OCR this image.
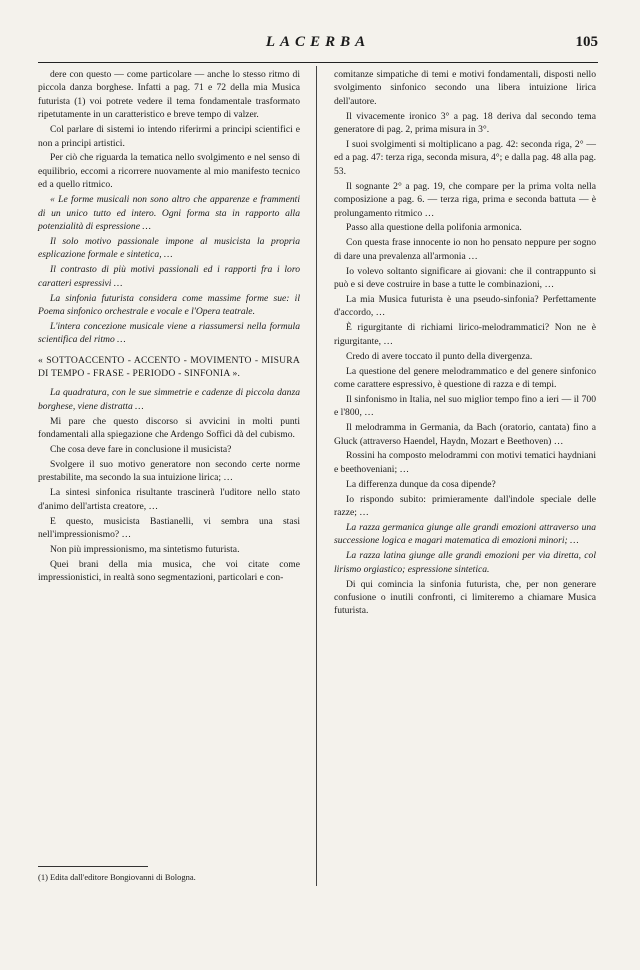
LACERBA	105

dere con questo — come particolare — anche lo stesso ritmo di piccola danza borghese. Infatti a pag. 71 e 72 della mia Musica futurista (1) voi potrete vedere il tema fondamentale trasformato ripetutamente in un caratteristico e breve tempo di valzer.

Col parlare di sistemi io intendo riferirmi a principi scientifici e non a principi artistici.

Per ciò che riguarda la tematica nello svolgimento e nel senso di equilibrio, eccomi a ricorrere nuovamente al mio manifesto tecnico ed a quello ritmico.

« Le forme musicali non sono altro che apparenze e frammenti di un unico tutto ed intero. Ogni forma sta in rapporto alla potenzialità di espressione …

Il solo motivo passionale impone al musicista la propria esplicazione formale e sintetica, …

Il contrasto di più motivi passionali ed i rapporti fra i loro caratteri espressivi …

La sinfonia futurista considera come massime forme sue: il Poema sinfonico orchestrale e vocale e l'Opera teatrale.

L'intera concezione musicale viene a riassumersi nella formula scientifica del ritmo …

« SOTTOACCENTO - ACCENTO - MOVIMENTO - MISURA DI TEMPO - FRASE - PERIODO - SINFONIA ».

La quadratura, con le sue simmetrie e cadenze di piccola danza borghese, viene distratta …

Mi pare che questo discorso si avvicini in molti punti fondamentali alla spiegazione che Ardengo Soffici dà del cubismo.

Che cosa deve fare in conclusione il musicista?

Svolgere il suo motivo generatore non secondo certe norme prestabilite, ma secondo la sua intuizione lirica; …

La sintesi sinfonica risultante trascinerà l'uditore nello stato d'animo dell'artista creatore, …

E questo, musicista Bastianelli, vi sembra una stasi nell'impressionismo? …

Non più impressionismo, ma sintetismo futurista.

Quei brani della mia musica, che voi citate come impressionistici, in realtà sono segmentazioni, particolari e con-

comitanze simpatiche di temi e motivi fondamentali, disposti nello svolgimento sinfonico secondo una libera intuizione lirica dell'autore.

Il vivacemente ironico 3° a pag. 18 deriva dal secondo tema generatore di pag. 2, prima misura in 3°.

I suoi svolgimenti si moltiplicano a pag. 42: seconda riga, 2° — ed a pag. 47: terza riga, seconda misura, 4°; e dalla pag. 48 alla pag. 53.

Il sognante 2° a pag. 19, che compare per la prima volta nella composizione a pag. 6. — terza riga, prima e seconda battuta — è prolungamento ritmico …

Passo alla questione della polifonia armonica.

Con questa frase innocente io non ho pensato neppure per sogno di dare una prevalenza all'armonia …

Io volevo soltanto significare ai giovani: che il contrappunto si può e si deve costruire in base a tutte le combinazioni, …

La mia Musica futurista è una pseudo-sinfonia? Perfettamente d'accordo, …

È rigurgitante di richiami lirico-melodrammatici? Non ne è rigurgitante, …

Credo di avere toccato il punto della divergenza.

La questione del genere melodrammatico e del genere sinfonico come carattere espressivo, è questione di razza e di tempi.

Il sinfonismo in Italia, nel suo miglior tempo fino a ieri — il 700 e l'800, …

Il melodramma in Germania, da Bach (oratorio, cantata) fino a Gluck (attraverso Haendel, Haydn, Mozart e Beethoven) …

Rossini ha composto melodrammi con motivi tematici haydniani e beethoveniani; …

La differenza dunque da cosa dipende?

Io rispondo subito: primieramente dall'indole speciale delle razze; …

La razza germanica giunge alle grandi emozioni attraverso una successione logica e magari matematica di emozioni minori; …

La razza latina giunge alle grandi emozioni per via diretta, col lirismo orgiastico; espressione sintetica.

Di qui comincia la sinfonia futurista, che, per non generare confusione o inutili confronti, ci limiteremo a chiamare Musica futurista.

(1) Edita dall'editore Bongiovanni di Bologna.
